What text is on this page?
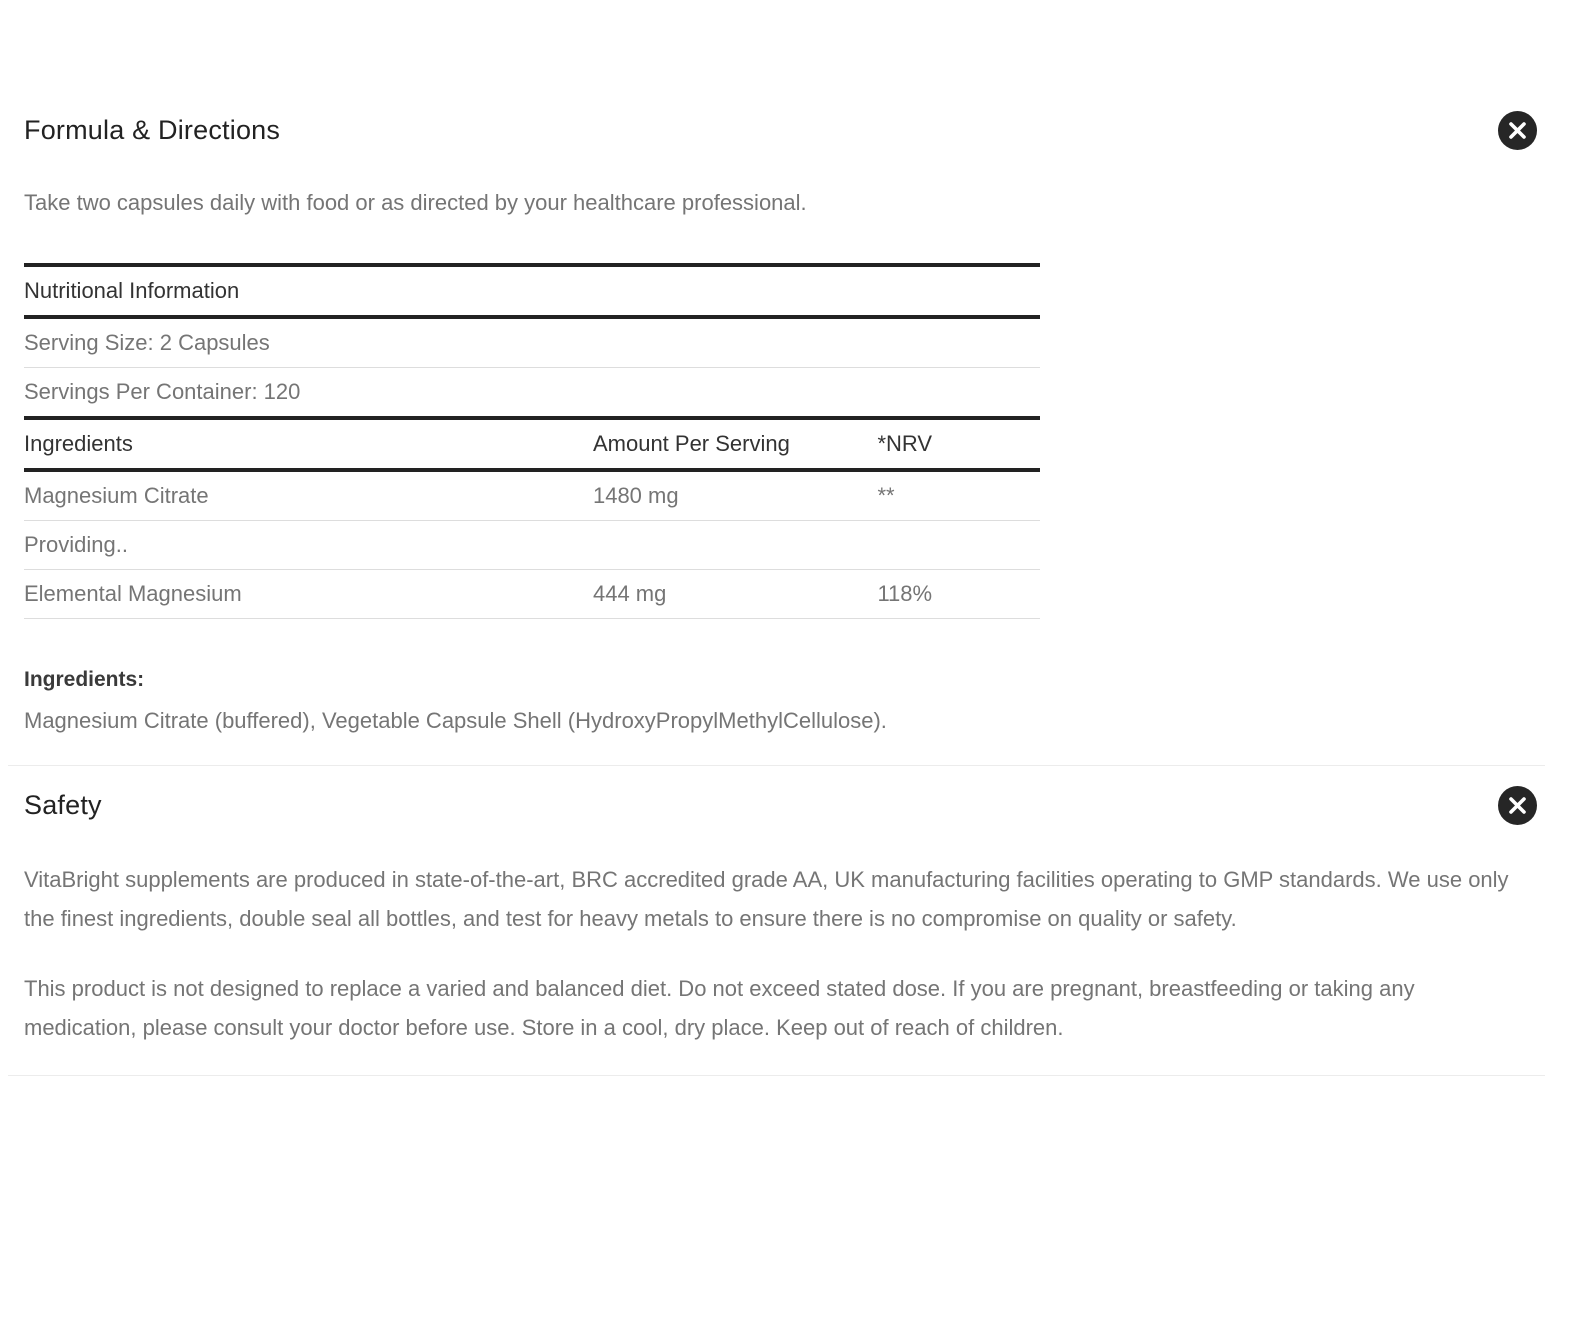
Formula & Directions

Take two capsules daily with food or as directed by your healthcare professional.

Nutritional Information		
Serving Size: 2 Capsules		
Servings Per Container: 120		
Ingredients	Amount Per Serving	*NRV
Magnesium Citrate	1480 mg	**
Providing..		
Elemental Magnesium	444 mg	118%

Ingredients:

Magnesium Citrate (buffered), Vegetable Capsule Shell (HydroxyPropylMethylCellulose).

Safety

VitaBright supplements are produced in state-of-the-art, BRC accredited grade AA, UK manufacturing facilities operating to GMP standards. We use only the finest ingredients, double seal all bottles, and test for heavy metals to ensure there is no compromise on quality or safety.

This product is not designed to replace a varied and balanced diet. Do not exceed stated dose. If you are pregnant, breastfeeding or taking any medication, please consult your doctor before use. Store in a cool, dry place. Keep out of reach of children.
